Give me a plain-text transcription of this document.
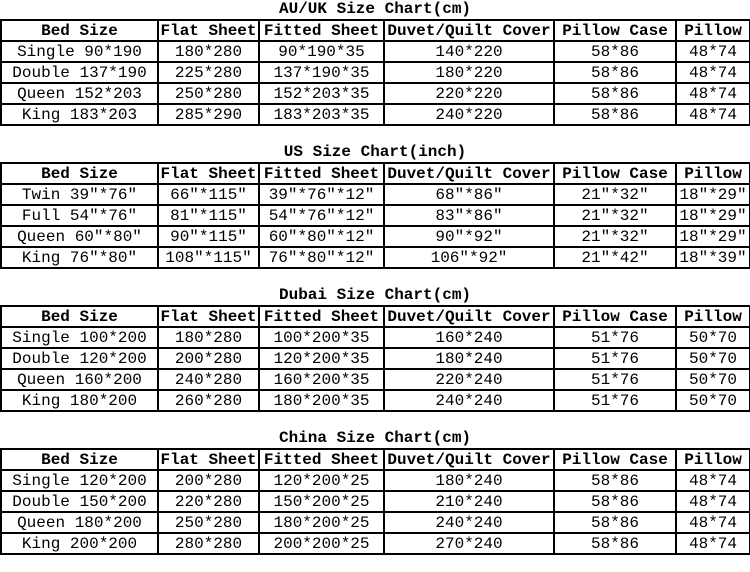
AU/UK Size Chart(cm)
Bed Size	Flat Sheet	Fitted Sheet	Duvet/Quilt Cover	Pillow Case	Pillow
Single 90*190	180*280	90*190*35	140*220	58*86	48*74
Double 137*190	225*280	137*190*35	180*220	58*86	48*74
Queen 152*203	250*280	152*203*35	220*220	58*86	48*74
King 183*203	285*290	183*203*35	240*220	58*86	48*74
US Size Chart(inch)
Bed Size	Flat Sheet	Fitted Sheet	Duvet/Quilt Cover	Pillow Case	Pillow
Twin 39″*76″	66″*115″	39″*76″*12″	68″*86″	21″*32″	18″*29″
Full 54″*76″	81″*115″	54″*76″*12″	83″*86″	21″*32″	18″*29″
Queen 60″*80″	90″*115″	60″*80″*12″	90″*92″	21″*32″	18″*29″
King 76″*80″	108″*115″	76″*80″*12″	106″*92″	21″*42″	18″*39″
Dubai Size Chart(cm)
Bed Size	Flat Sheet	Fitted Sheet	Duvet/Quilt Cover	Pillow Case	Pillow
Single 100*200	180*280	100*200*35	160*240	51*76	50*70
Double 120*200	200*280	120*200*35	180*240	51*76	50*70
Queen 160*200	240*280	160*200*35	220*240	51*76	50*70
King 180*200	260*280	180*200*35	240*240	51*76	50*70
China Size Chart(cm)
Bed Size	Flat Sheet	Fitted Sheet	Duvet/Quilt Cover	Pillow Case	Pillow
Single 120*200	200*280	120*200*25	180*240	58*86	48*74
Double 150*200	220*280	150*200*25	210*240	58*86	48*74
Queen 180*200	250*280	180*200*25	240*240	58*86	48*74
King 200*200	280*280	200*200*25	270*240	58*86	48*74
